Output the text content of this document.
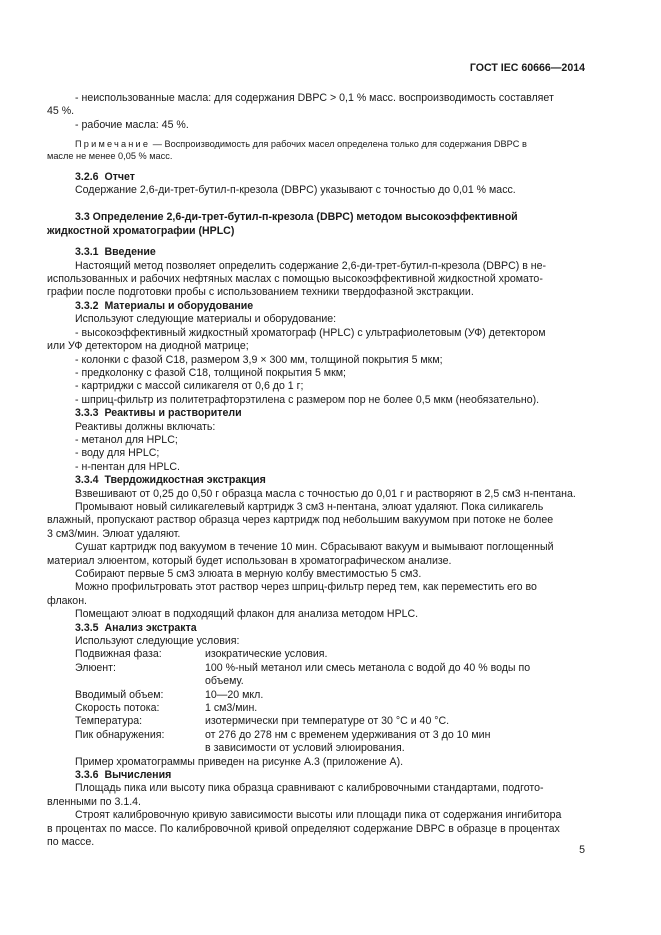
ГОСТ IEC 60666—2014
- неиспользованные масла: для содержания DBPC > 0,1 % масс. воспроизводимость составляет
45 %.
- рабочие масла: 45 %.
Примечание — Воспроизводимость для рабочих масел определена только для содержания DBPC в
масле не менее 0,05 % масс.
3.2.6 Отчет
Содержание 2,6-ди-трет-бутил-п-крезола (DBPC) указывают с точностью до 0,01 % масс.
3.3 Определение 2,6-ди-трет-бутил-п-крезола (DBPC) методом высокоэффективной
жидкостной хроматографии (HPLC)
3.3.1 Введение
Настоящий метод позволяет определить содержание 2,6-ди-трет-бутил-п-крезола (DBPC) в не-
использованных и рабочих нефтяных маслах с помощью высокоэффективной жидкостной хромато-
графии после подготовки пробы с использованием техники твердофазной экстракции.
3.3.2 Материалы и оборудование
Используют следующие материалы и оборудование:
- высокоэффективный жидкостный хроматограф (HPLC) с ультрафиолетовым (УФ) детектором
или УФ детектором на диодной матрице;
- колонки с фазой C18, размером 3,9 × 300 мм, толщиной покрытия 5 мкм;
- предколонку с фазой C18, толщиной покрытия 5 мкм;
- картриджи с массой силикагеля от 0,6 до 1 г;
- шприц-фильтр из политетрафторэтилена с размером пор не более 0,5 мкм (необязательно).
3.3.3 Реактивы и растворители
Реактивы должны включать:
- метанол для HPLC;
- воду для HPLC;
- н-пентан для HPLC.
3.3.4 Твердожидкостная экстракция
Взвешивают от 0,25 до 0,50 г образца масла с точностью до 0,01 г и растворяют в 2,5 см3 н-пентана.
Промывают новый силикагелевый картридж 3 см3 н-пентана, элюат удаляют. Пока силикагель
влажный, пропускают раствор образца через картридж под небольшим вакуумом при потоке не более
3 см3/мин. Элюат удаляют.
Сушат картридж под вакуумом в течение 10 мин. Сбрасывают вакуум и вымывают поглощенный
материал элюентом, который будет использован в хроматографическом анализе.
Собирают первые 5 см3 элюата в мерную колбу вместимостью 5 см3.
Можно профильтровать этот раствор через шприц-фильтр перед тем, как переместить его во
флакон.
Помещают элюат в подходящий флакон для анализа методом HPLC.
3.3.5 Анализ экстракта
Используют следующие условия:
Подвижная фаза:	изократические условия.
Элюент:	100 %-ный метанол или смесь метанола с водой до 40 % воды по
объему.
Вводимый объем:	10—20 мкл.
Скорость потока:	1 см3/мин.
Температура:	изотермически при температуре от 30 °C и 40 °C.
Пик обнаружения:	от 276 до 278 нм с временем удерживания от 3 до 10 мин
в зависимости от условий элюирования.
Пример хроматограммы приведен на рисунке А.3 (приложение А).
3.3.6 Вычисления
Площадь пика или высоту пика образца сравнивают с калибровочными стандартами, подгото-
вленными по 3.1.4.
Строят калибровочную кривую зависимости высоты или площади пика от содержания ингибитора
в процентах по массе. По калибровочной кривой определяют содержание DBPC в образце в процентах
по массе.
5
